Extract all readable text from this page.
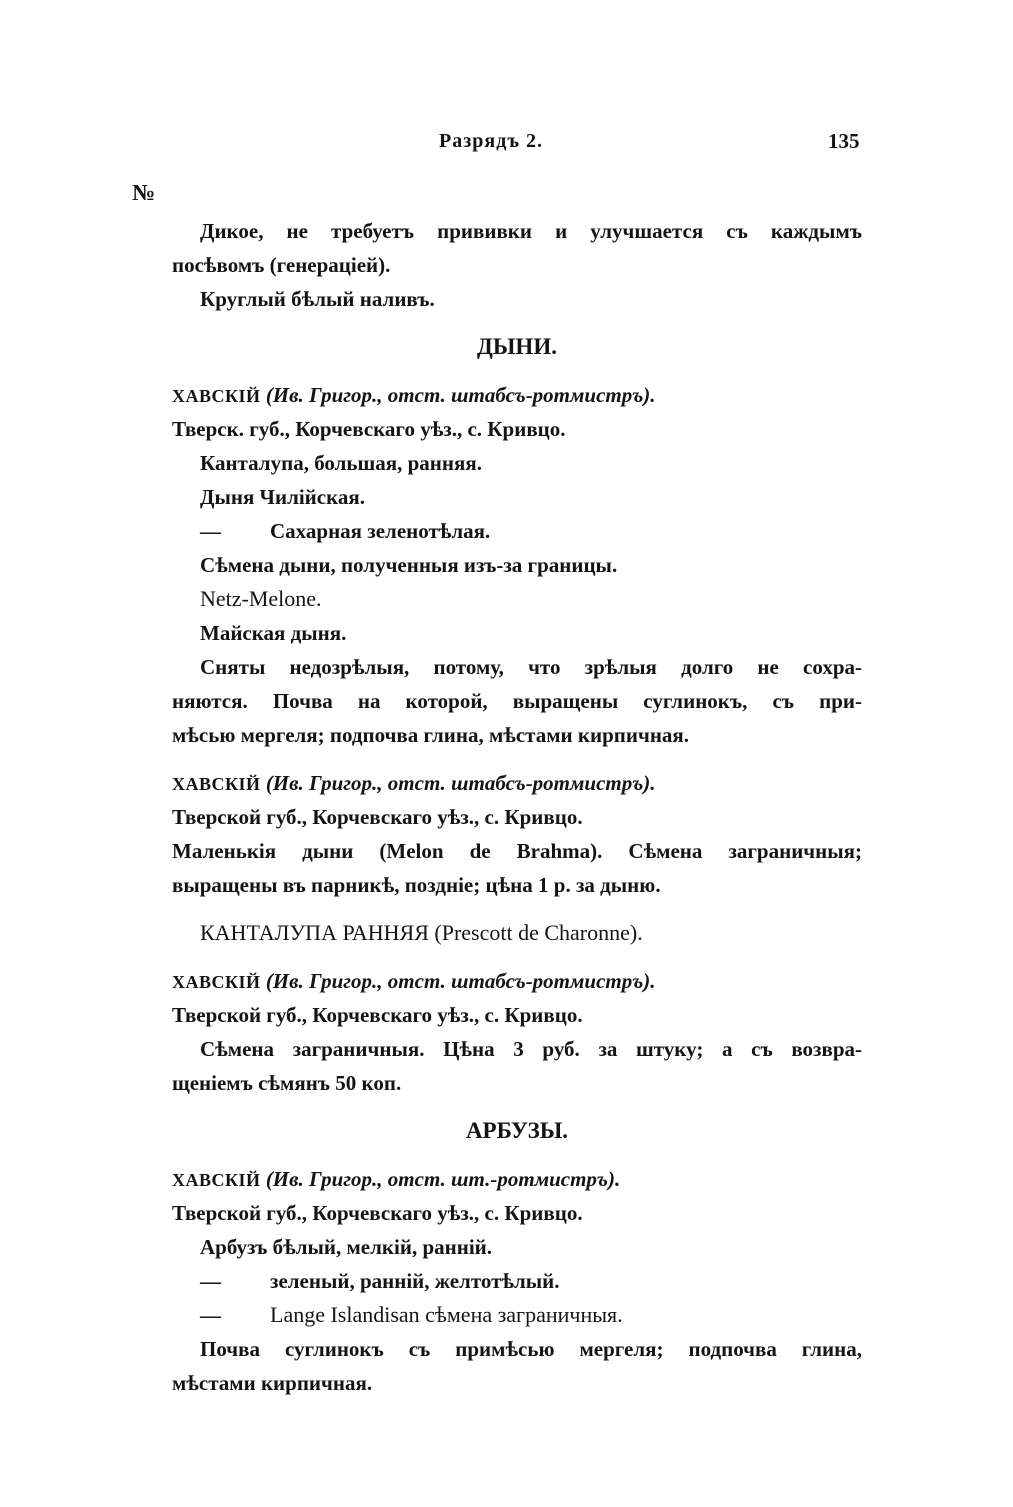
Разрядъ 2.	135
№
Дикое, не требуетъ прививки и улучшается съ каждымъ
посѣвомъ (генераціей).
Круглый бѣлый наливъ.
ДЫНИ.
ХАВСКІЙ (Ив. Григор., отст. штабсъ-ротмистръ).
Тверск. губ., Корчевскаго уѣз., с. Кривцо.
Канталупа, большая, ранняя.
Дыня Чилійская.
— Сахарная зеленотѣлая.
Сѣмена дыни, полученныя изъ-за границы.
Netz-Melone.
Майская дыня.
Сняты недозрѣлыя, потому, что зрѣлыя долго не сохра-
няются. Почва на которой, выращены суглинокъ, съ при-
мѣсью мергеля; подпочва глина, мѣстами кирпичная.
ХАВСКІЙ (Ив. Григор., отст. штабсъ-ротмистръ).
Тверской губ., Корчевскаго уѣз., с. Кривцо.
Маленькія дыни (Melon de Brahma). Сѣмена заграничныя;
выращены въ парникѣ, поздніе; цѣна 1 р. за дыню.
КАНТАЛУПА РАННЯЯ (Prescott de Charonne).
ХАВСКІЙ (Ив. Григор., отст. штабсъ-ротмистръ).
Тверской губ., Корчевскаго уѣз., с. Кривцо.
Сѣмена заграничныя. Цѣна 3 руб. за штуку; а съ возвра-
щеніемъ сѣмянъ 50 коп.
АРБУЗЫ.
ХАВСКІЙ (Ив. Григор., отст. шт.-ротмистръ).
Тверской губ., Корчевскаго уѣз., с. Кривцо.
Арбузъ бѣлый, мелкій, ранній.
— зеленый, ранній, желтотѣлый.
— Lange Islandisan сѣмена заграничныя.
Почва суглинокъ съ примѣсью мергеля; подпочва глина,
мѣстами кирпичная.
